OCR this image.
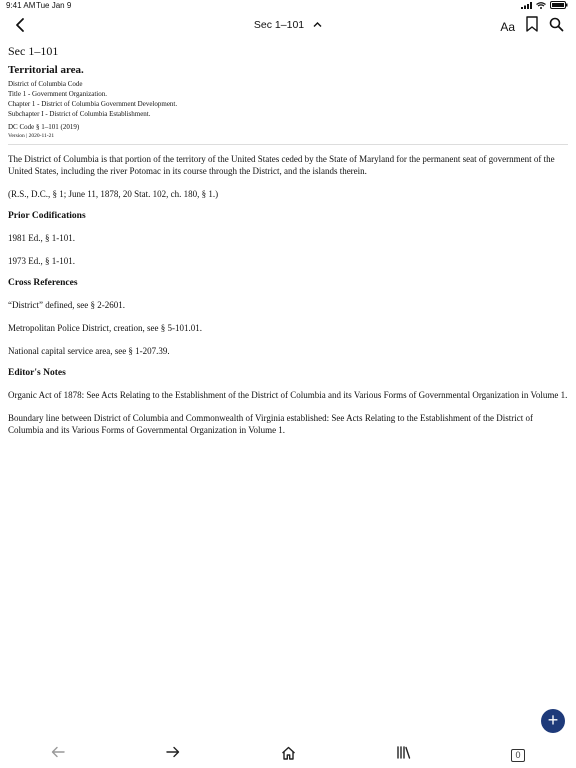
9:41 AM Tue Jan 9
Sec 1–101	Aa
Sec 1–101
Territorial area.
District of Columbia Code
Title 1 - Government Organization.
Chapter 1 - District of Columbia Government Development.
Subchapter I - District of Columbia Establishment.
DC Code § 1–101 (2019)
Version | 2020-11-21

The District of Columbia is that portion of the territory of the United States ceded by the State of Maryland for the permanent seat of government of the United States, including the river Potomac in its course through the District, and the islands therein.

(R.S., D.C., § 1; June 11, 1878, 20 Stat. 102, ch. 180, § 1.)

Prior Codifications

1981 Ed., § 1-101.

1973 Ed., § 1-101.

Cross References

“District” defined, see § 2-2601.

Metropolitan Police District, creation, see § 5-101.01.

National capital service area, see § 1-207.39.

Editor's Notes

Organic Act of 1878: See Acts Relating to the Establishment of the District of Columbia and its Various Forms of Governmental Organization in Volume 1.

Boundary line between District of Columbia and Commonwealth of Virginia established: See Acts Relating to the Establishment of the District of Columbia and its Various Forms of Governmental Organization in Volume 1.

+
0
